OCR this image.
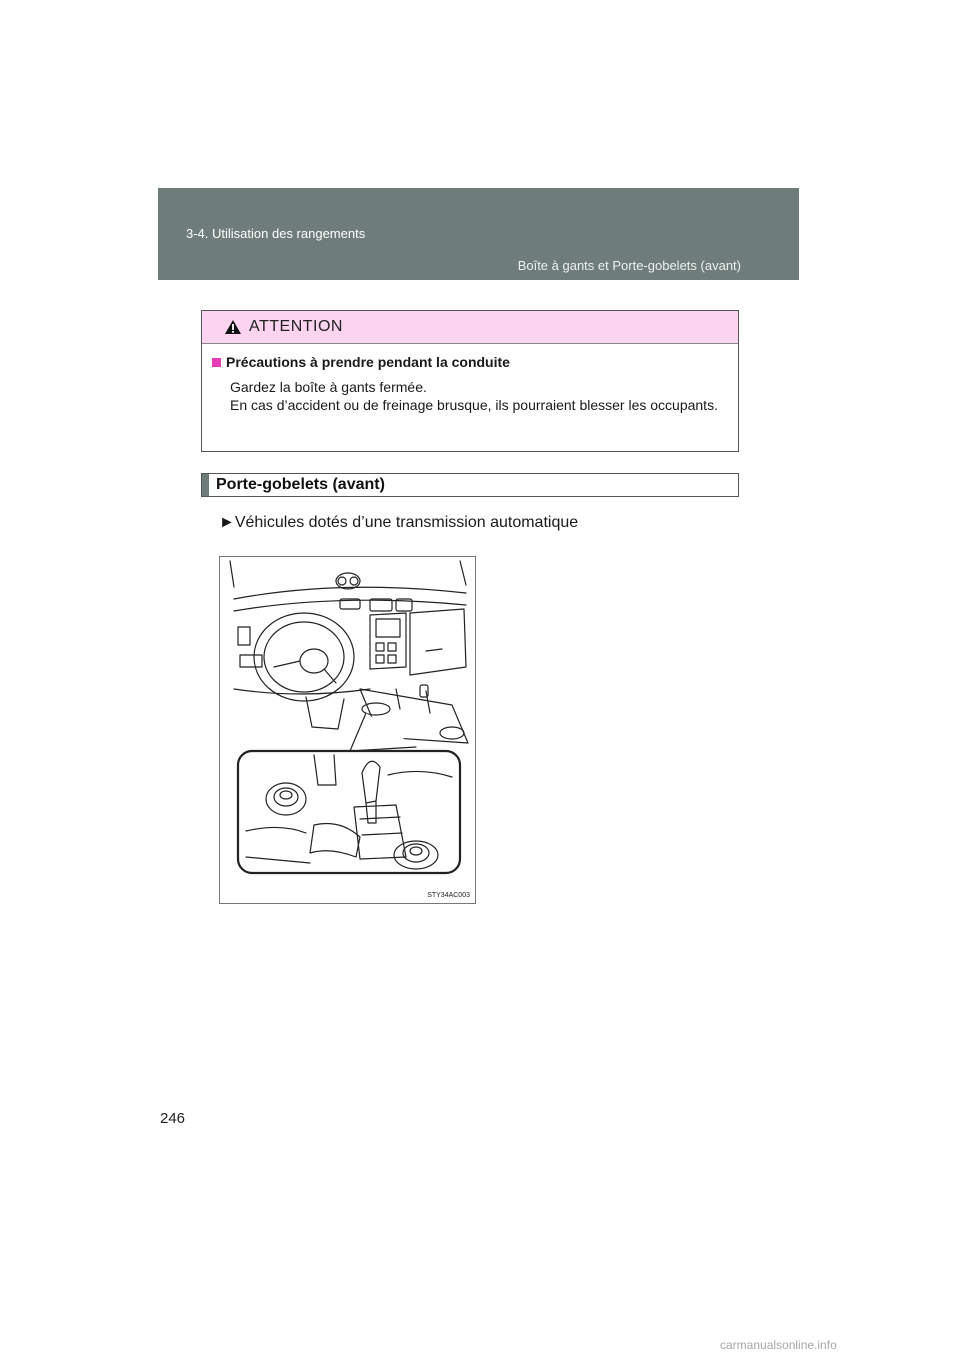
3-4. Utilisation des rangements
Boîte à gants et Porte-gobelets (avant)
ATTENTION
Précautions à prendre pendant la conduite
Gardez la boîte à gants fermée.
En cas d’accident ou de freinage brusque, ils pourraient blesser les occupants.
Porte-gobelets (avant)
►Véhicules dotés d’une transmission automatique
STY34AC003
246
carmanualsonline.info
